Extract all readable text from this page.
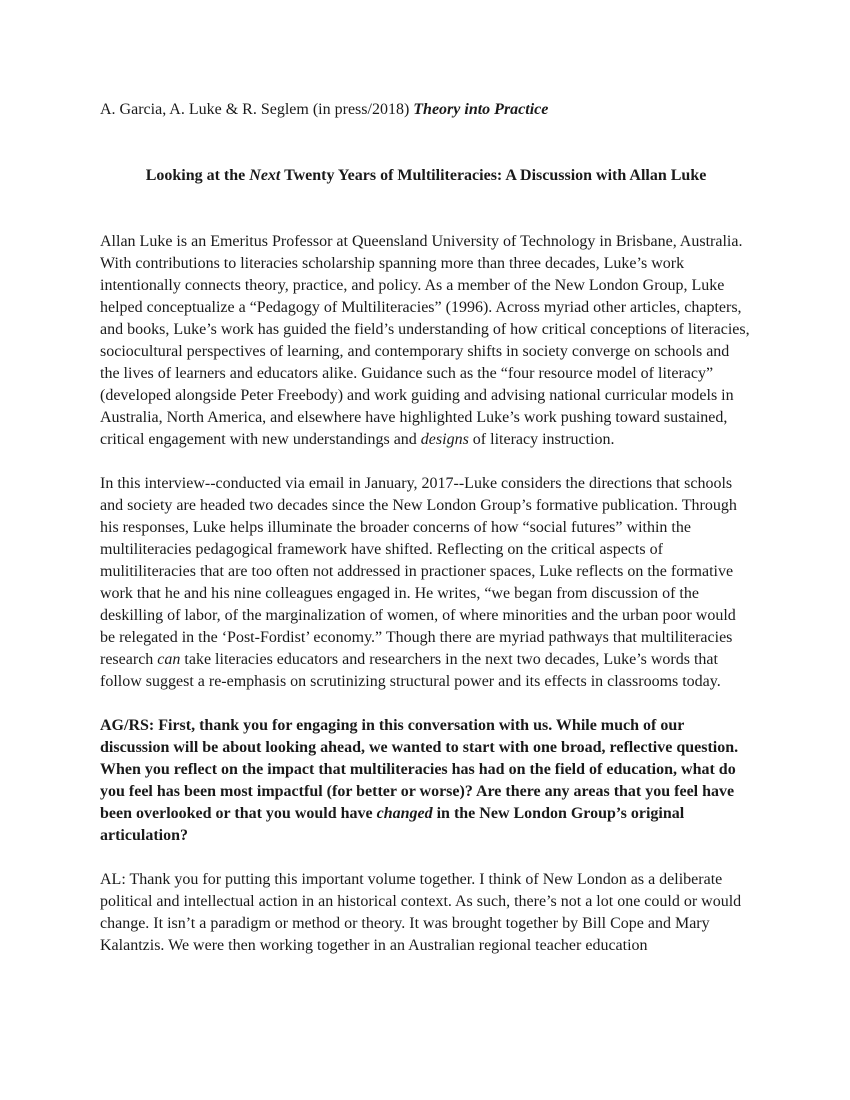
A. Garcia, A. Luke & R. Seglem (in press/2018) Theory into Practice

Looking at the Next Twenty Years of Multiliteracies: A Discussion with Allan Luke

Allan Luke is an Emeritus Professor at Queensland University of Technology in Brisbane, Australia. With contributions to literacies scholarship spanning more than three decades, Luke’s work intentionally connects theory, practice, and policy. As a member of the New London Group, Luke helped conceptualize a “Pedagogy of Multiliteracies” (1996). Across myriad other articles, chapters, and books, Luke’s work has guided the field’s understanding of how critical conceptions of literacies, sociocultural perspectives of learning, and contemporary shifts in society converge on schools and the lives of learners and educators alike. Guidance such as the “four resource model of literacy” (developed alongside Peter Freebody) and work guiding and advising national curricular models in Australia, North America, and elsewhere have highlighted Luke’s work pushing toward sustained, critical engagement with new understandings and designs of literacy instruction.

In this interview--conducted via email in January, 2017--Luke considers the directions that schools and society are headed two decades since the New London Group’s formative publication. Through his responses, Luke helps illuminate the broader concerns of how “social futures” within the multiliteracies pedagogical framework have shifted. Reflecting on the critical aspects of mulitiliteracies that are too often not addressed in practioner spaces, Luke reflects on the formative work that he and his nine colleagues engaged in. He writes, “we began from discussion of the deskilling of labor, of the marginalization of women, of where minorities and the urban poor would be relegated in the ‘Post-Fordist’ economy.” Though there are myriad pathways that multiliteracies research can take literacies educators and researchers in the next two decades, Luke’s words that follow suggest a re-emphasis on scrutinizing structural power and its effects in classrooms today.

AG/RS: First, thank you for engaging in this conversation with us. While much of our discussion will be about looking ahead, we wanted to start with one broad, reflective question. When you reflect on the impact that multiliteracies has had on the field of education, what do you feel has been most impactful (for better or worse)? Are there any areas that you feel have been overlooked or that you would have changed in the New London Group’s original articulation?

AL: Thank you for putting this important volume together. I think of New London as a deliberate political and intellectual action in an historical context. As such, there’s not a lot one could or would change. It isn’t a paradigm or method or theory. It was brought together by Bill Cope and Mary Kalantzis. We were then working together in an Australian regional teacher education
